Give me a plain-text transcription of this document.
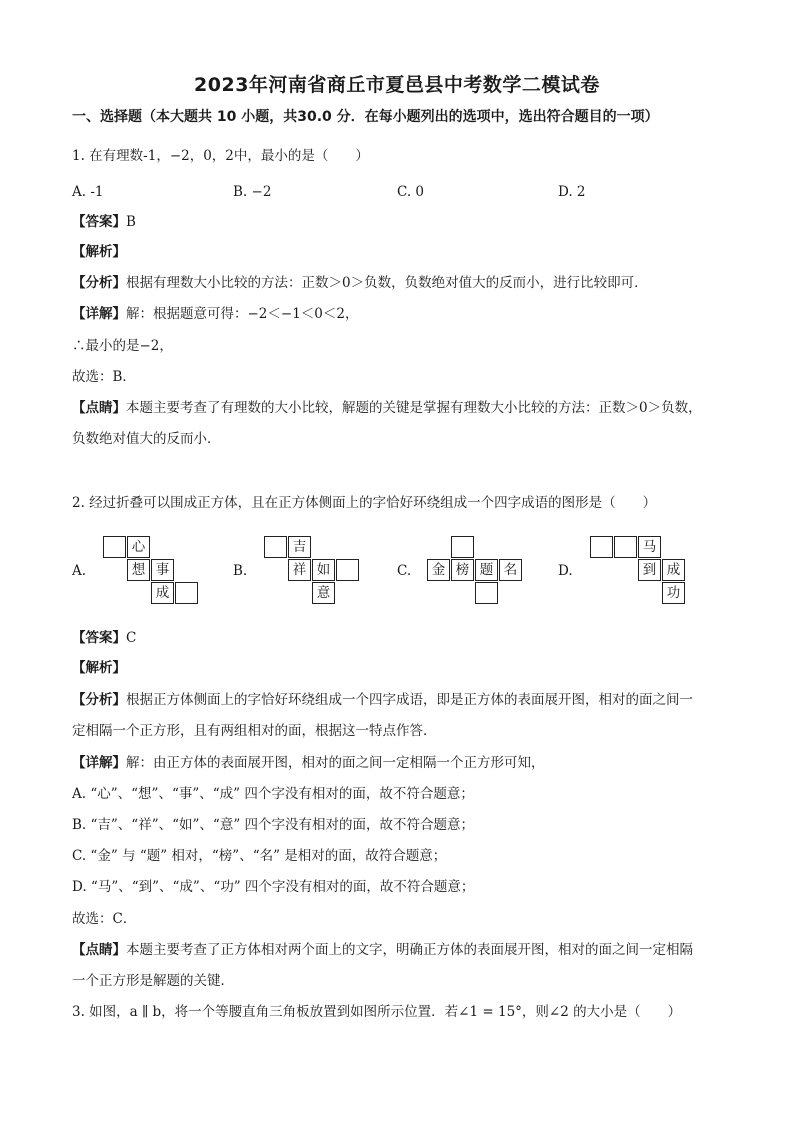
2023年河南省商丘市夏邑县中考数学二模试卷
一、选择题（本大题共 10 小题，共30.0 分．在每小题列出的选项中，选出符合题目的一项）
1. 在有理数-1，−2，0，2中，最小的是（　　）
A. -1	B. −2	C. 0	D. 2
【答案】B
【解析】
【分析】根据有理数大小比较的方法：正数＞0＞负数，负数绝对值大的反而小，进行比较即可．
【详解】解：根据题意可得：−2＜−1＜0＜2，
∴最小的是−2，
故选：B．
【点睛】本题主要考查了有理数的大小比较，解题的关键是掌握有理数大小比较的方法：正数＞0＞负数，
负数绝对值大的反而小．
2. 经过折叠可以围成正方体，且在正方体侧面上的字恰好环绕组成一个四字成语的图形是（　　）
A.
心
想 事
成
B.
吉
祥 如
意
C.	金 榜 题 名	D.
马
到 成
功
【答案】C
【解析】
【分析】根据正方体侧面上的字恰好环绕组成一个四字成语，即是正方体的表面展开图，相对的面之间一
定相隔一个正方形，且有两组相对的面，根据这一特点作答．
【详解】解：由正方体的表面展开图，相对的面之间一定相隔一个正方形可知，
A. “心”、“想”、“事”、“成” 四个字没有相对的面，故不符合题意；
B. “吉”、“祥”、“如”、“意” 四个字没有相对的面，故不符合题意；
C. “金” 与 “题” 相对，“榜”、“名” 是相对的面，故符合题意；
D. “马”、“到”、“成”、“功” 四个字没有相对的面，故不符合题意；
故选：C．
【点睛】本题主要考查了正方体相对两个面上的文字，明确正方体的表面展开图，相对的面之间一定相隔
一个正方形是解题的关键．
3. 如图，a ∥ b，将一个等腰直角三角板放置到如图所示位置．若∠1 = 15°，则∠2 的大小是（　　）
